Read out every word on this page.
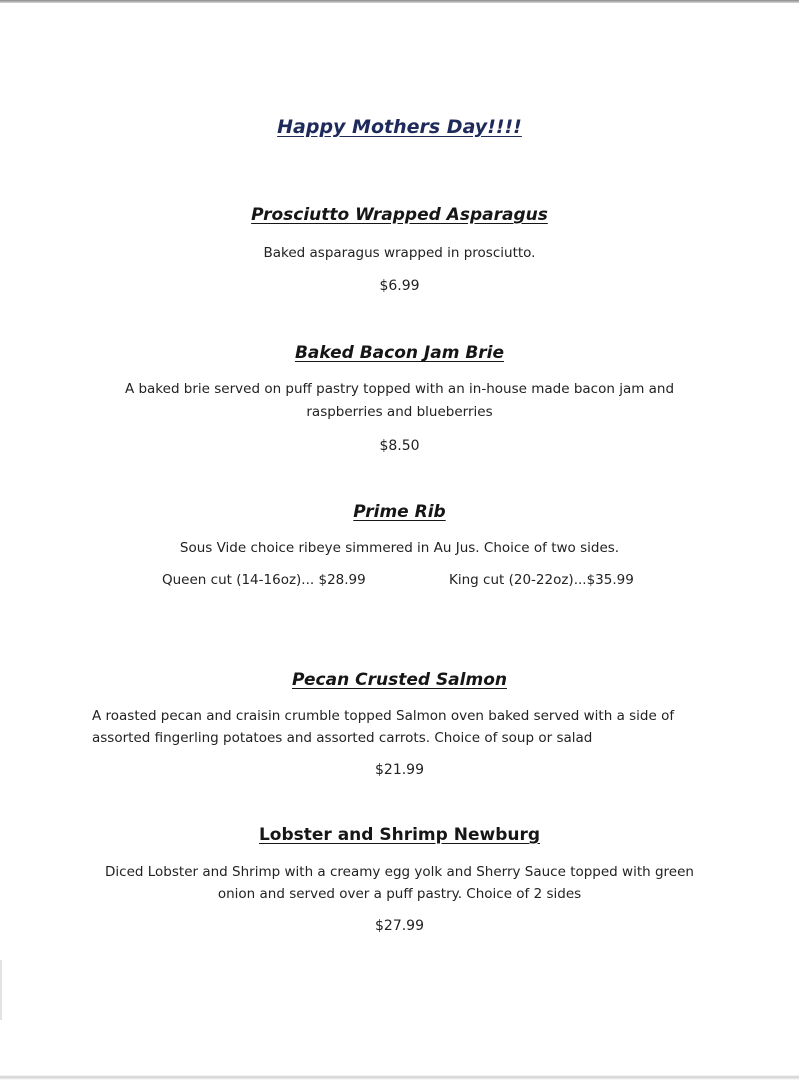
Happy Mothers Day!!!!
Prosciutto Wrapped Asparagus
Baked asparagus wrapped in prosciutto.
$6.99
Baked Bacon Jam Brie
A baked brie served on puff pastry topped with an in-house made bacon jam and
raspberries and blueberries
$8.50
Prime Rib
Sous Vide choice ribeye simmered in Au Jus. Choice of two sides.
Queen cut (14-16oz)... $28.99	King cut (20-22oz)...$35.99
Pecan Crusted Salmon
A roasted pecan and craisin crumble topped Salmon oven baked served with a side of
assorted fingerling potatoes and assorted carrots. Choice of soup or salad
$21.99
Lobster and Shrimp Newburg
Diced Lobster and Shrimp with a creamy egg yolk and Sherry Sauce topped with green
onion and served over a puff pastry. Choice of 2 sides
$27.99
